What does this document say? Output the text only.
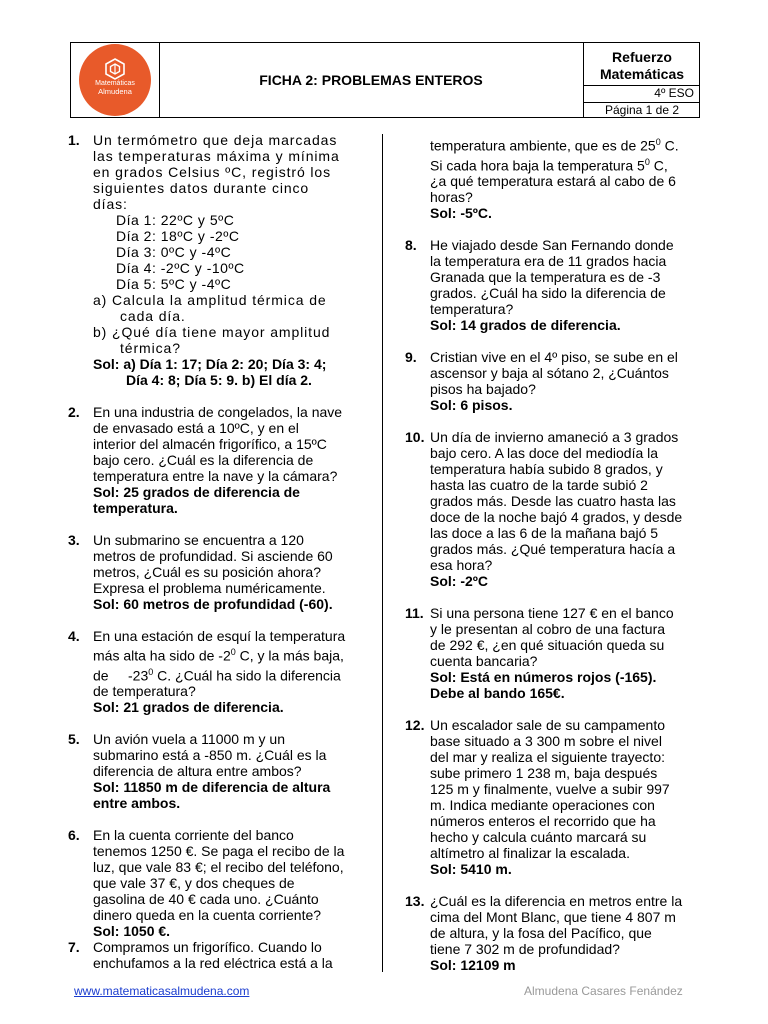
Matemáticas
Almudena
FICHA 2: PROBLEMAS ENTEROS
Refuerzo
Matemáticas
4º ESO
Página 1 de 2
1. Un termómetro que deja marcadas
las temperaturas máxima y mínima
en grados Celsius ºC, registró los
siguientes datos durante cinco
días:
Día 1: 22ºC y 5ºC
Día 2: 18ºC y -2ºC
Día 3: 0ºC y -4ºC
Día 4: -2ºC y -10ºC
Día 5: 5ºC y -4ºC
a) Calcula la amplitud térmica de
cada día.
b) ¿Qué día tiene mayor amplitud
térmica?
Sol: a) Día 1: 17; Día 2: 20; Día 3: 4;
Día 4: 8; Día 5: 9. b) El día 2.
2. En una industria de congelados, la nave
de envasado está a 10ºC, y en el
interior del almacén frigorífico, a 15ºC
bajo cero. ¿Cuál es la diferencia de
temperatura entre la nave y la cámara?
Sol: 25 grados de diferencia de
temperatura.
3. Un submarino se encuentra a 120
metros de profundidad. Si asciende 60
metros, ¿Cuál es su posición ahora?
Expresa el problema numéricamente.
Sol: 60 metros de profundidad (-60).
4. En una estación de esquí la temperatura
más alta ha sido de $-2^0$ C, y la más baja,
de     $-23^0$ C. ¿Cuál ha sido la diferencia
de temperatura?
Sol: 21 grados de diferencia.
5. Un avión vuela a 11000 m y un
submarino está a -850 m. ¿Cuál es la
diferencia de altura entre ambos?
Sol: 11850 m de diferencia de altura
entre ambos.
6. En la cuenta corriente del banco
tenemos 1250 €. Se paga el recibo de la
luz, que vale 83 €; el recibo del teléfono,
que vale 37 €, y dos cheques de
gasolina de 40 € cada uno. ¿Cuánto
dinero queda en la cuenta corriente?
Sol: 1050 €.
7. Compramos un frigorífico. Cuando lo
enchufamos a la red eléctrica está a la
temperatura ambiente, que es de $25^0$ C.
Si cada hora baja la temperatura $5^0$ C,
¿a qué temperatura estará al cabo de 6
horas?
Sol: -5ºC.
8. He viajado desde San Fernando donde
la temperatura era de 11 grados hacia
Granada que la temperatura es de -3
grados. ¿Cuál ha sido la diferencia de
temperatura?
Sol: 14 grados de diferencia.
9. Cristian vive en el 4º piso, se sube en el
ascensor y baja al sótano 2, ¿Cuántos
pisos ha bajado?
Sol: 6 pisos.
10. Un día de invierno amaneció a 3 grados
bajo cero. A las doce del mediodía la
temperatura había subido 8 grados, y
hasta las cuatro de la tarde subió 2
grados más. Desde las cuatro hasta las
doce de la noche bajó 4 grados, y desde
las doce a las 6 de la mañana bajó 5
grados más. ¿Qué temperatura hacía a
esa hora?
Sol: -2ºC
11. Si una persona tiene 127 € en el banco
y le presentan al cobro de una factura
de 292 €, ¿en qué situación queda su
cuenta bancaria?
Sol: Está en números rojos (-165).
Debe al bando 165€.
12. Un escalador sale de su campamento
base situado a 3 300 m sobre el nivel
del mar y realiza el siguiente trayecto:
sube primero 1 238 m, baja después
125 m y finalmente, vuelve a subir 997
m. Indica mediante operaciones con
números enteros el recorrido que ha
hecho y calcula cuánto marcará su
altímetro al finalizar la escalada.
Sol: 5410 m.
13. ¿Cuál es la diferencia en metros entre la
cima del Mont Blanc, que tiene 4 807 m
de altura, y la fosa del Pacífico, que
tiene 7 302 m de profundidad?
Sol: 12109 m
www.matematicasalmudena.com	Almudena Casares Fenández
